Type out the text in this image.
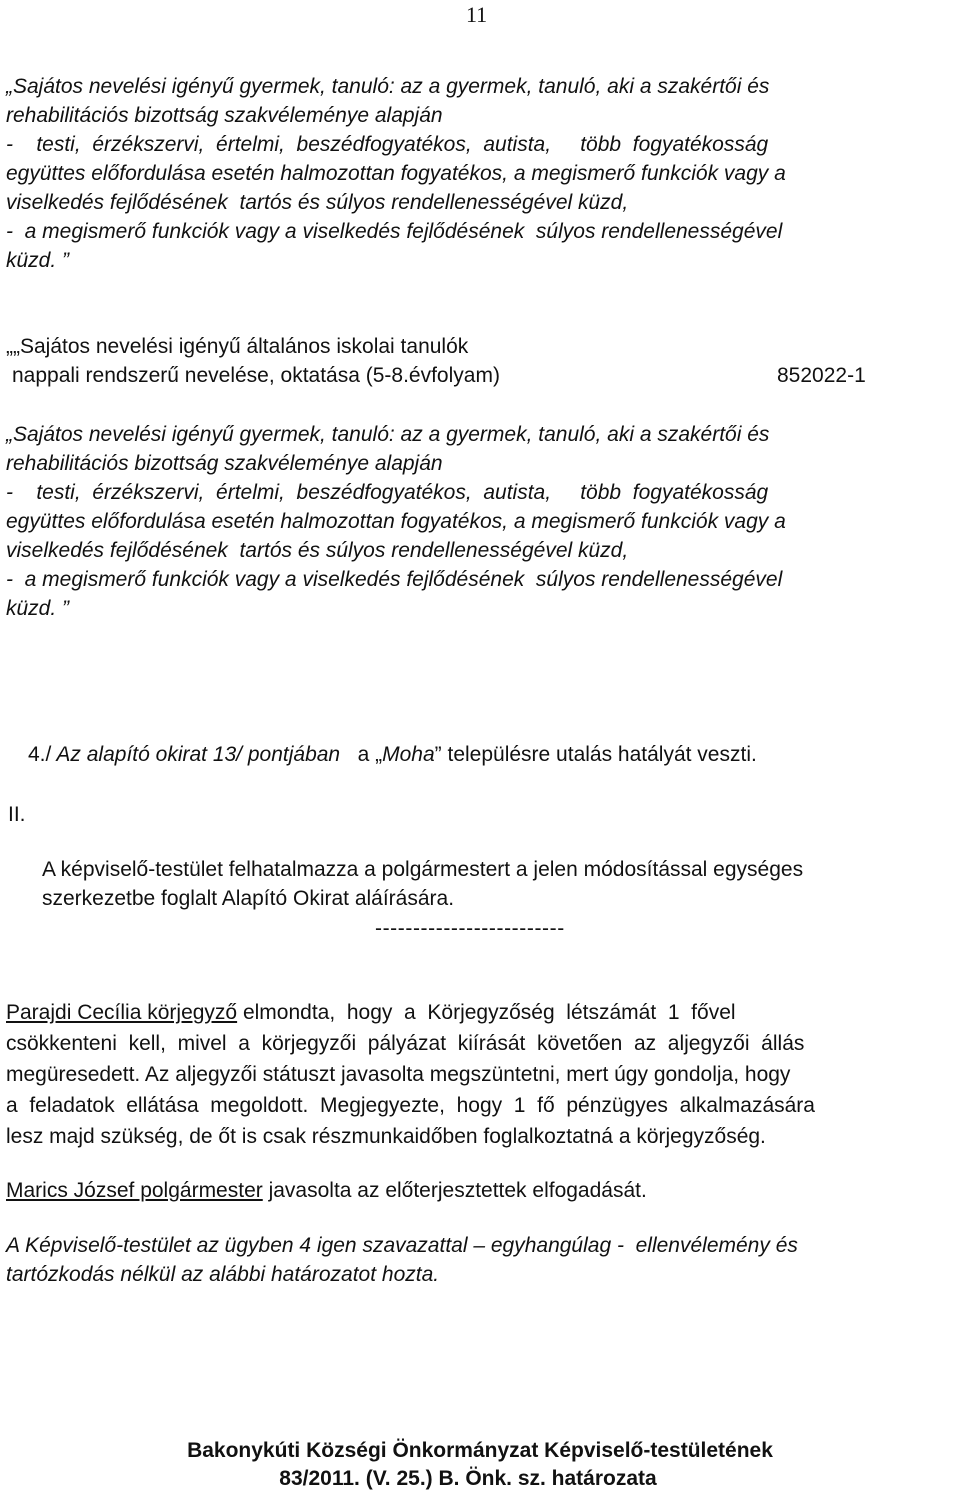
11
„Sajátos nevelési igényű gyermek, tanuló: az a gyermek, tanuló, aki a szakértői és
rehabilitációs bizottság szakvéleménye alapján
-    testi,  érzékszervi,  értelmi,  beszédfogyatékos,  autista,     több  fogyatékosság
együttes előfordulása esetén halmozottan fogyatékos, a megismerő funkciók vagy a
viselkedés fejlődésének  tartós és súlyos rendellenességével küzd,
-  a megismerő funkciók vagy a viselkedés fejlődésének  súlyos rendellenességével
küzd. ”
„„Sajátos nevelési igényű általános iskolai tanulók
nappali rendszerű nevelése, oktatása (5-8.évfolyam)	852022-1
„Sajátos nevelési igényű gyermek, tanuló: az a gyermek, tanuló, aki a szakértői és
rehabilitációs bizottság szakvéleménye alapján
-    testi,  érzékszervi,  értelmi,  beszédfogyatékos,  autista,     több  fogyatékosság
együttes előfordulása esetén halmozottan fogyatékos, a megismerő funkciók vagy a
viselkedés fejlődésének  tartós és súlyos rendellenességével küzd,
-  a megismerő funkciók vagy a viselkedés fejlődésének  súlyos rendellenességével
küzd. ”
4./ Az alapító okirat 13/ pontjában   a „Moha” településre utalás hatályát veszti.
II.
A képviselő-testület felhatalmazza a polgármestert a jelen módosítással egységes
szerkezetbe foglalt Alapító Okirat aláírására.
-------------------------
Parajdi Cecília körjegyző elmondta,  hogy  a  Körjegyzőség  létszámát  1  fővel
csökkenteni  kell,  mivel  a  körjegyzői  pályázat  kiírását  követően  az  aljegyzői  állás
megüresedett. Az aljegyzői státuszt javasolta megszüntetni, mert úgy gondolja, hogy
a  feladatok  ellátása  megoldott.  Megjegyezte,  hogy  1  fő  pénzügyes  alkalmazására
lesz majd szükség, de őt is csak részmunkaidőben foglalkoztatná a körjegyzőség.
Marics József polgármester javasolta az előterjesztettek elfogadását.
A Képviselő-testület az ügyben 4 igen szavazattal – egyhangúlag -  ellenvélemény és
tartózkodás nélkül az alábbi határozatot hozta.
Bakonykúti Községi Önkormányzat Képviselő-testületének
83/2011. (V. 25.) B. Önk. sz. határozata
